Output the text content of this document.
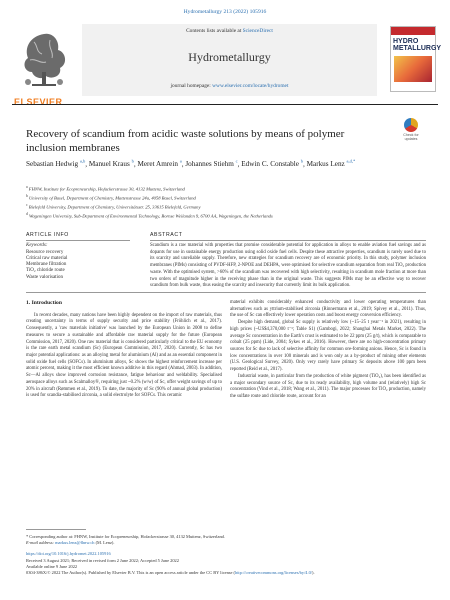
Hydrometallurgy 213 (2022) 105916
ELSEVIER
Contents lists available at ScienceDirect
Hydrometallurgy
journal homepage: www.elsevier.com/locate/hydromet
HYDRO METALLURGY
Recovery of scandium from acidic waste solutions by means of polymer inclusion membranes
Check for updates
Sebastian Hedwig $^{a,b}$, Manuel Kraus $^b$, Meret Amrein $^a$, Johannes Stiehm $^c$, Edwin C. Constable $^b$, Markus Lenz $^{a,d,*}$
$^a$ FHNW, Institute for Ecopreneurship, Hofackerstrasse 30, 4132 Muttenz, Switzerland
$^b$ University of Basel, Department of Chemistry, Mattenstrasse 24a, 4058 Basel, Switzerland
$^c$ Bielefeld University, Department of Chemistry, Universitätsstr. 25, 33615 Bielefeld, Germany
$^d$ Wageningen University, Sub-Department of Environmental Technology, Bornse Weilanden 9, 6700 AA, Wageningen, the Netherlands
ARTICLE INFO	ABSTRACT
Keywords:
Resource recovery
Critical raw material
Membrane filtration
TiO₂ chloride route
Waste valorisation
Scandium is a raw material with properties that promise considerable potential for application in alloys to enable aviation fuel savings and as dopants for use in sustainable energy production using solid oxide fuel cells. Despite these attractive properties, scandium is rarely used due to its scarcity and unreliable supply. Therefore, new strategies for scandium recovery are of economic priority. In this study, polymer inclusion membranes (PIMs) consisting of PVDF-HFP, 2-NPOE and DEHPA, were optimised for selective scandium separation from real TiO₂ production waste. With the optimised system, >60% of the scandium was recovered with high selectivity, resulting in scandium mole fraction at more than two orders of magnitude higher in the receiving phase than in the original waste. This suggests PIMs may be an effective way to recover scandium from bulk waste, thus easing the scarcity and insecurity that currently limit its bulk application.
1. Introduction

In recent decades, many nations have been highly dependent on the import of raw materials, thus creating uncertainty in terms of supply security and price stability (Fröhlich et al., 2017). Consequently, a 'raw materials initiative' was launched by the European Union in 2008 to define measures to secure a sustainable and affordable raw material supply for the future (European Commission, 2017, 2020). One raw material that is considered particularly critical to the EU economy is the rare earth metal scandium (Sc) (European Commission, 2017, 2020). Currently, Sc has two major potential applications: as an alloying metal for aluminium (Al) and as an essential component in solid oxide fuel cells (SOFCs). In aluminium alloys, Sc shows the highest reinforcement increase per atomic percent, making it the most efficient known additive in this regard (Ahmad, 2003). In addition, Sc—Al alloys show improved corrosion resistance, fatigue behaviour and weldability. Specialised aerospace alloys such as Scalmalloy®, requiring just ~0.2% (w/w) of Sc, offer weight savings of up to 20% in aircraft (Rømmen et al., 2019). To date, the majority of Sc (90% of annual global production) is used for scandia-stabilised zirconia, a solid electrolyte for SOFCs. This ceramic

material exhibits considerably enhanced conductivity and lower operating temperatures than alternatives such as yttrium-stabilised zirconia (Rinnermann et al., 2019; Spivey et al., 2011). Thus, the use of Sc can effectively lower operation costs and boost energy conversion efficiency.

Despite high demand, global Sc supply is relatively low (~15–25 t year⁻¹ in 2021), resulting in high prices (~US$4,370,000 t⁻¹; Table S1) (Gambogi, 2022; Shanghai Metals Market, 2022). The average Sc concentration in the Earth's crust is estimated to be 22 ppm (25 g/t), which is comparable to cobalt (25 ppm) (Lide, 2004; Sykes et al., 2016). However, there are no high-concentration primary sources for Sc due to lack of selective affinity for common ore-forming anions. Hence, Sc is found in low concentrations in over 100 minerals and is won only as a by-product of mining other elements (U.S. Geological Survey, 2020). Only very rarely have primary Sc deposits above 100 ppm been reported (Reid et al., 2017).

Industrial waste, in particular from the production of white pigment (TiO₂), has been identified as a major secondary source of Sc, due to its ready availability, high volume and (relatively) high Sc concentration (Vind et al., 2018; Wang et al., 2011). The major processes for TiO₂ production, namely the sulfate route and chloride route, account for an

* Corresponding author at: FHNW, Institute for Ecopreneurship, Hofackerstrasse 30, 4132 Muttenz, Switzerland.
E-mail address: markus.lenz@fhnw.ch (M. Lenz).
https://doi.org/10.1016/j.hydromet.2022.105916
Received 3 August 2021; Received in revised form 2 June 2022; Accepted 5 June 2022
Available online 9 June 2022
0304-386X/© 2022 The Author(s). Published by Elsevier B.V. This is an open access article under the CC BY license (http://creativecommons.org/licenses/by/4.0/).
